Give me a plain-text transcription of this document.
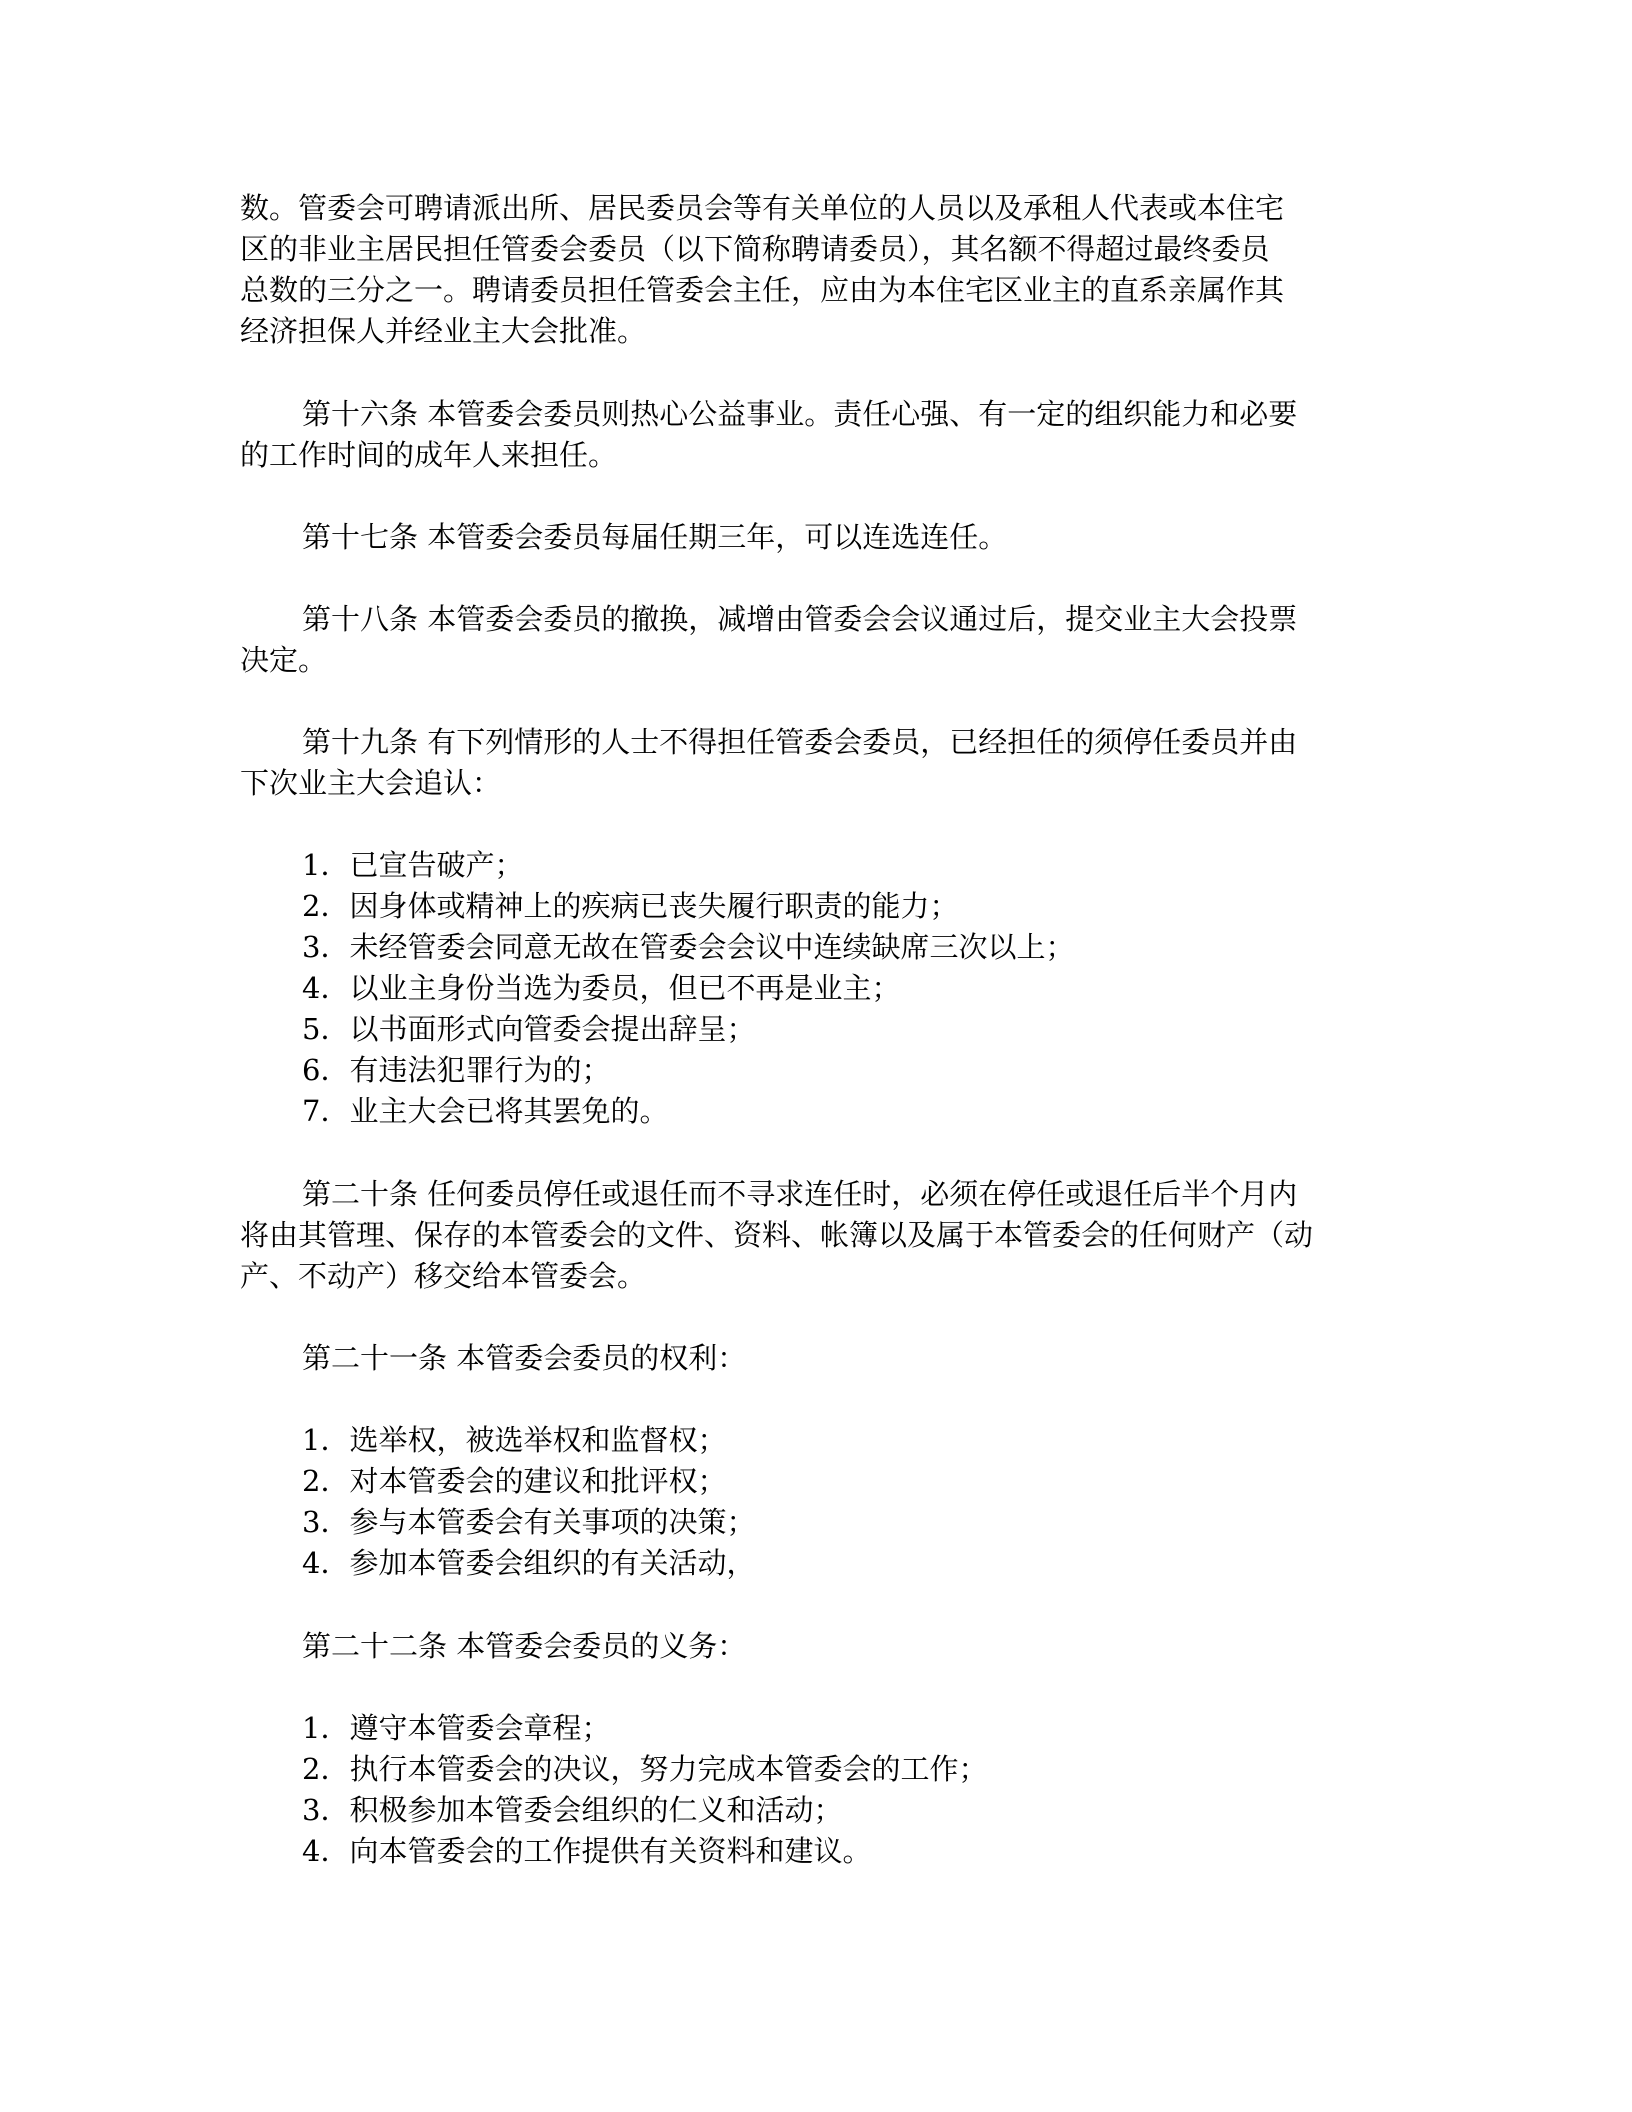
数。管委会可聘请派出所、居民委员会等有关单位的人员以及承租人代表或本住宅
区的非业主居民担任管委会委员（以下简称聘请委员），其名额不得超过最终委员
总数的三分之一。聘请委员担任管委会主任，应由为本住宅区业主的直系亲属作其
经济担保人并经业主大会批准。
第十六条 本管委会委员则热心公益事业。责任心强、有一定的组织能力和必要
的工作时间的成年人来担任。
第十七条 本管委会委员每届任期三年，可以连选连任。
第十八条 本管委会委员的撤换，减增由管委会会议通过后，提交业主大会投票
决定。
第十九条 有下列情形的人士不得担任管委会委员，已经担任的须停任委员并由
下次业主大会追认：
1．已宣告破产；
2．因身体或精神上的疾病已丧失履行职责的能力；
3．未经管委会同意无故在管委会会议中连续缺席三次以上；
4．以业主身份当选为委员，但已不再是业主；
5．以书面形式向管委会提出辞呈；
6．有违法犯罪行为的；
7．业主大会已将其罢免的。
第二十条 任何委员停任或退任而不寻求连任时，必须在停任或退任后半个月内
将由其管理、保存的本管委会的文件、资料、帐簿以及属于本管委会的任何财产（动
产、不动产）移交给本管委会。
第二十一条 本管委会委员的权利：
1．选举权，被选举权和监督权；
2．对本管委会的建议和批评权；
3．参与本管委会有关事项的决策；
4．参加本管委会组织的有关活动，
第二十二条 本管委会委员的义务：
1．遵守本管委会章程；
2．执行本管委会的决议，努力完成本管委会的工作；
3．积极参加本管委会组织的仁义和活动；
4．向本管委会的工作提供有关资料和建议。
